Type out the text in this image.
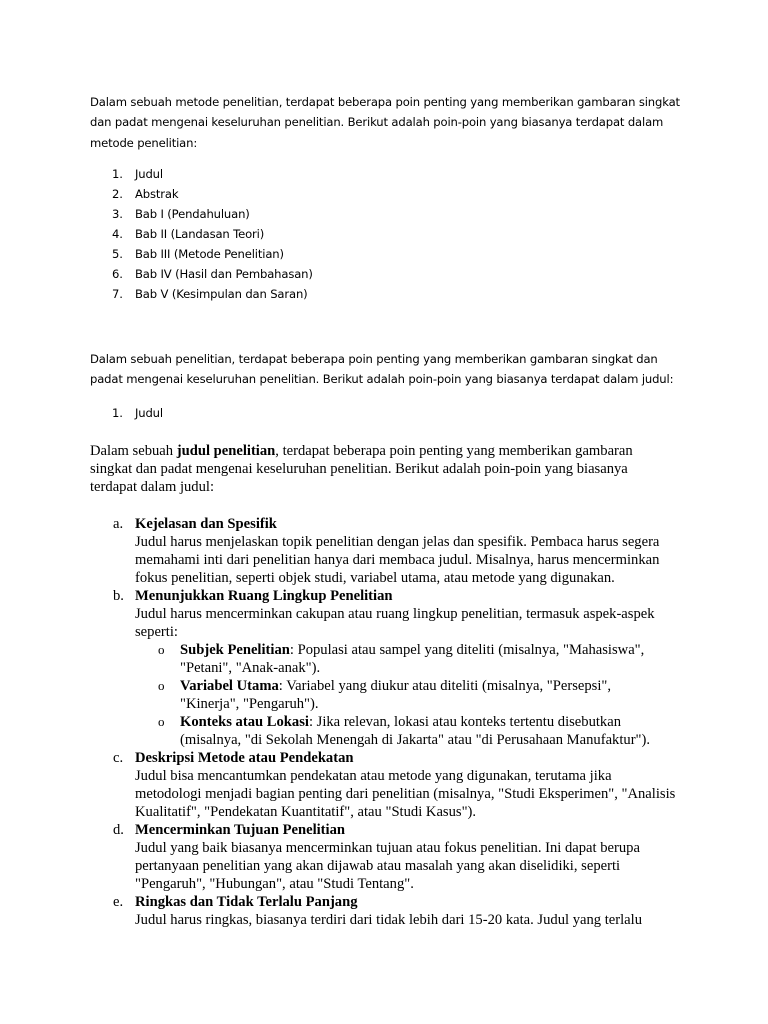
Dalam sebuah metode penelitian, terdapat beberapa poin penting yang memberikan gambaran singkat dan padat mengenai keseluruhan penelitian. Berikut adalah poin-poin yang biasanya terdapat dalam metode penelitian:

1. Judul
2. Abstrak
3. Bab I (Pendahuluan)
4. Bab II (Landasan Teori)
5. Bab III (Metode Penelitian)
6. Bab IV (Hasil dan Pembahasan)
7. Bab V (Kesimpulan dan Saran)

Dalam sebuah penelitian, terdapat beberapa poin penting yang memberikan gambaran singkat dan padat mengenai keseluruhan penelitian. Berikut adalah poin-poin yang biasanya terdapat dalam judul:

1. Judul

Dalam sebuah judul penelitian, terdapat beberapa poin penting yang memberikan gambaran singkat dan padat mengenai keseluruhan penelitian. Berikut adalah poin-poin yang biasanya terdapat dalam judul:

a. Kejelasan dan Spesifik
Judul harus menjelaskan topik penelitian dengan jelas dan spesifik. Pembaca harus segera memahami inti dari penelitian hanya dari membaca judul. Misalnya, harus mencerminkan fokus penelitian, seperti objek studi, variabel utama, atau metode yang digunakan.
b. Menunjukkan Ruang Lingkup Penelitian
Judul harus mencerminkan cakupan atau ruang lingkup penelitian, termasuk aspek-aspek seperti:
o Subjek Penelitian: Populasi atau sampel yang diteliti (misalnya, "Mahasiswa", "Petani", "Anak-anak").
o Variabel Utama: Variabel yang diukur atau diteliti (misalnya, "Persepsi", "Kinerja", "Pengaruh").
o Konteks atau Lokasi: Jika relevan, lokasi atau konteks tertentu disebutkan (misalnya, "di Sekolah Menengah di Jakarta" atau "di Perusahaan Manufaktur").
c. Deskripsi Metode atau Pendekatan
Judul bisa mencantumkan pendekatan atau metode yang digunakan, terutama jika metodologi menjadi bagian penting dari penelitian (misalnya, "Studi Eksperimen", "Analisis Kualitatif", "Pendekatan Kuantitatif", atau "Studi Kasus").
d. Mencerminkan Tujuan Penelitian
Judul yang baik biasanya mencerminkan tujuan atau fokus penelitian. Ini dapat berupa pertanyaan penelitian yang akan dijawab atau masalah yang akan diselidiki, seperti "Pengaruh", "Hubungan", atau "Studi Tentang".
e. Ringkas dan Tidak Terlalu Panjang
Judul harus ringkas, biasanya terdiri dari tidak lebih dari 15-20 kata. Judul yang terlalu
